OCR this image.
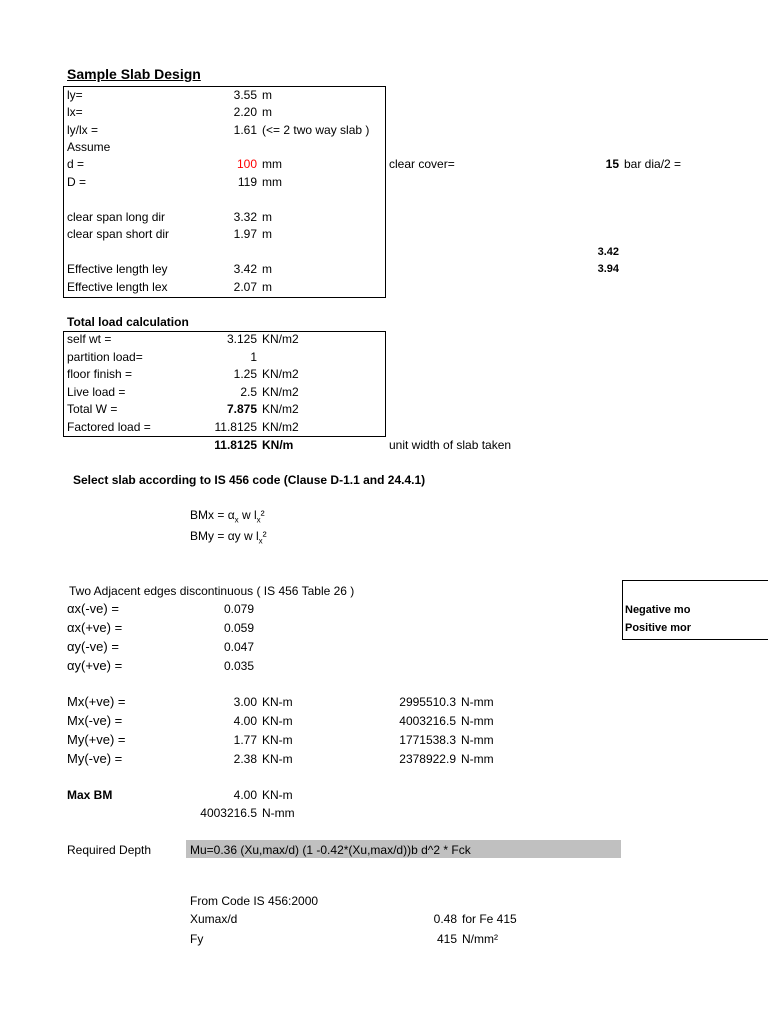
Sample Slab Design
ly=	3.55 m
lx=	2.20 m
ly/lx =	1.61 (<= 2 two way slab )
Assume
d =	100 mm	clear cover=	15 bar dia/2 =
D =	119 mm
clear span long dir	3.32 m
clear span short dir	1.97 m
3.42
3.94
Effective length ley	3.42 m
Effective length lex	2.07 m
Total load calculation
self wt =	3.125 KN/m2
partition load=	1
floor finish =	1.25 KN/m2
Live load =	2.5 KN/m2
Total W =	7.875 KN/m2
Factored load =	11.8125 KN/m2
11.8125 KN/m	unit width of slab taken
Select slab according to IS 456 code (Clause D-1.1 and 24.4.1)
BMx = $\alpha_x$ w $l_x^2$
BMy = αy w $l_x^2$
Two Adjacent edges discontinuous ( IS 456 Table 26 )
Negative mo
Positive mor
αx(-ve) =	0.079
αx(+ve) =	0.059
αy(-ve) =	0.047
αy(+ve) =	0.035
Mx(+ve) =	3.00 KN-m	2995510.3 N-mm
Mx(-ve) =	4.00 KN-m	4003216.5 N-mm
My(+ve) =	1.77 KN-m	1771538.3 N-mm
My(-ve) =	2.38 KN-m	2378922.9 N-mm
Max BM	4.00 KN-m
4003216.5 N-mm
Required Depth	Mu=0.36 (Xu,max/d) (1 -0.42*(Xu,max/d))b d^2 * Fck
From Code IS 456:2000
Xumax/d	0.48 for Fe 415
Fy	415 N/mm²
